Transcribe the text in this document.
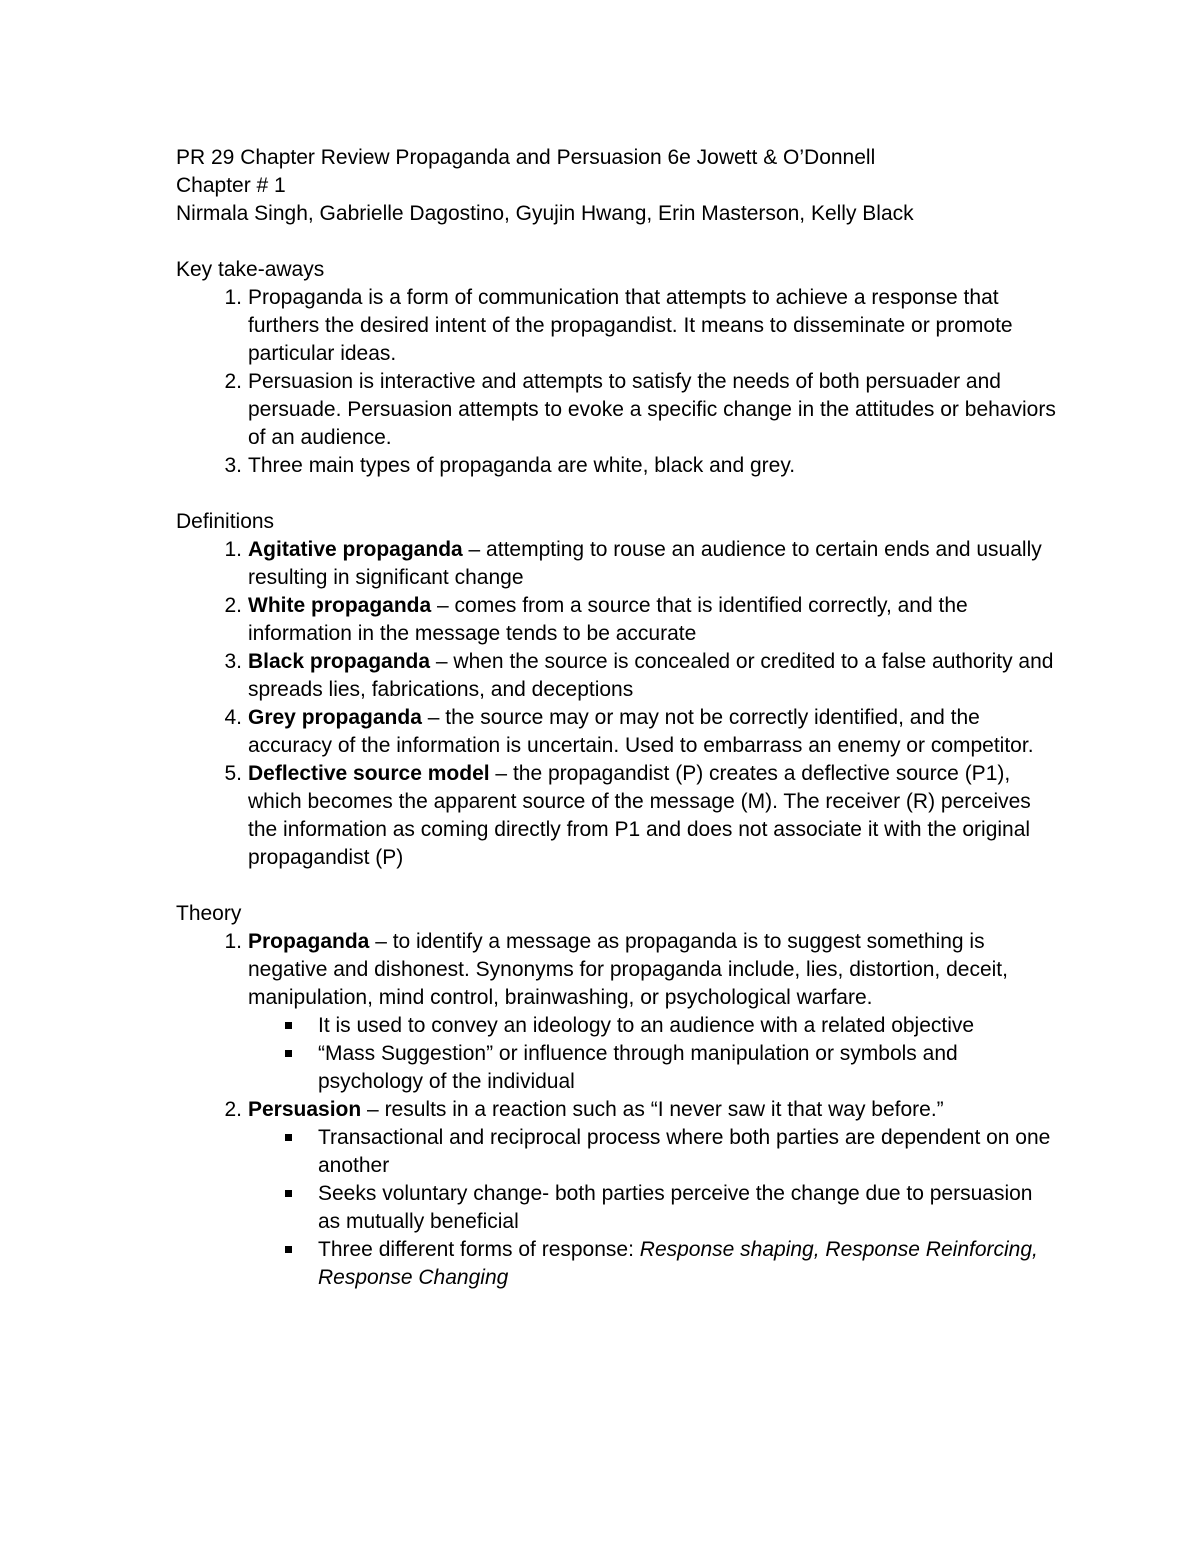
PR 29 Chapter Review Propaganda and Persuasion 6e Jowett & O’Donnell
Chapter # 1
Nirmala Singh, Gabrielle Dagostino, Gyujin Hwang, Erin Masterson, Kelly Black
Key take-aways
1. Propaganda is a form of communication that attempts to achieve a response that furthers the desired intent of the propagandist. It means to disseminate or promote particular ideas.
2. Persuasion is interactive and attempts to satisfy the needs of both persuader and persuade. Persuasion attempts to evoke a specific change in the attitudes or behaviors of an audience.
3. Three main types of propaganda are white, black and grey.
Definitions
1. Agitative propaganda – attempting to rouse an audience to certain ends and usually resulting in significant change
2. White propaganda – comes from a source that is identified correctly, and the information in the message tends to be accurate
3. Black propaganda – when the source is concealed or credited to a false authority and spreads lies, fabrications, and deceptions
4. Grey propaganda – the source may or may not be correctly identified, and the accuracy of the information is uncertain. Used to embarrass an enemy or competitor.
5. Deflective source model – the propagandist (P) creates a deflective source (P1), which becomes the apparent source of the message (M). The receiver (R) perceives the information as coming directly from P1 and does not associate it with the original propagandist (P)
Theory
1. Propaganda – to identify a message as propaganda is to suggest something is negative and dishonest. Synonyms for propaganda include, lies, distortion, deceit, manipulation, mind control, brainwashing, or psychological warfare.
It is used to convey an ideology to an audience with a related objective
“Mass Suggestion” or influence through manipulation or symbols and psychology of the individual
2. Persuasion – results in a reaction such as “I never saw it that way before.”
Transactional and reciprocal process where both parties are dependent on one another
Seeks voluntary change- both parties perceive the change due to persuasion as mutually beneficial
Three different forms of response: Response shaping, Response Reinforcing, Response Changing
